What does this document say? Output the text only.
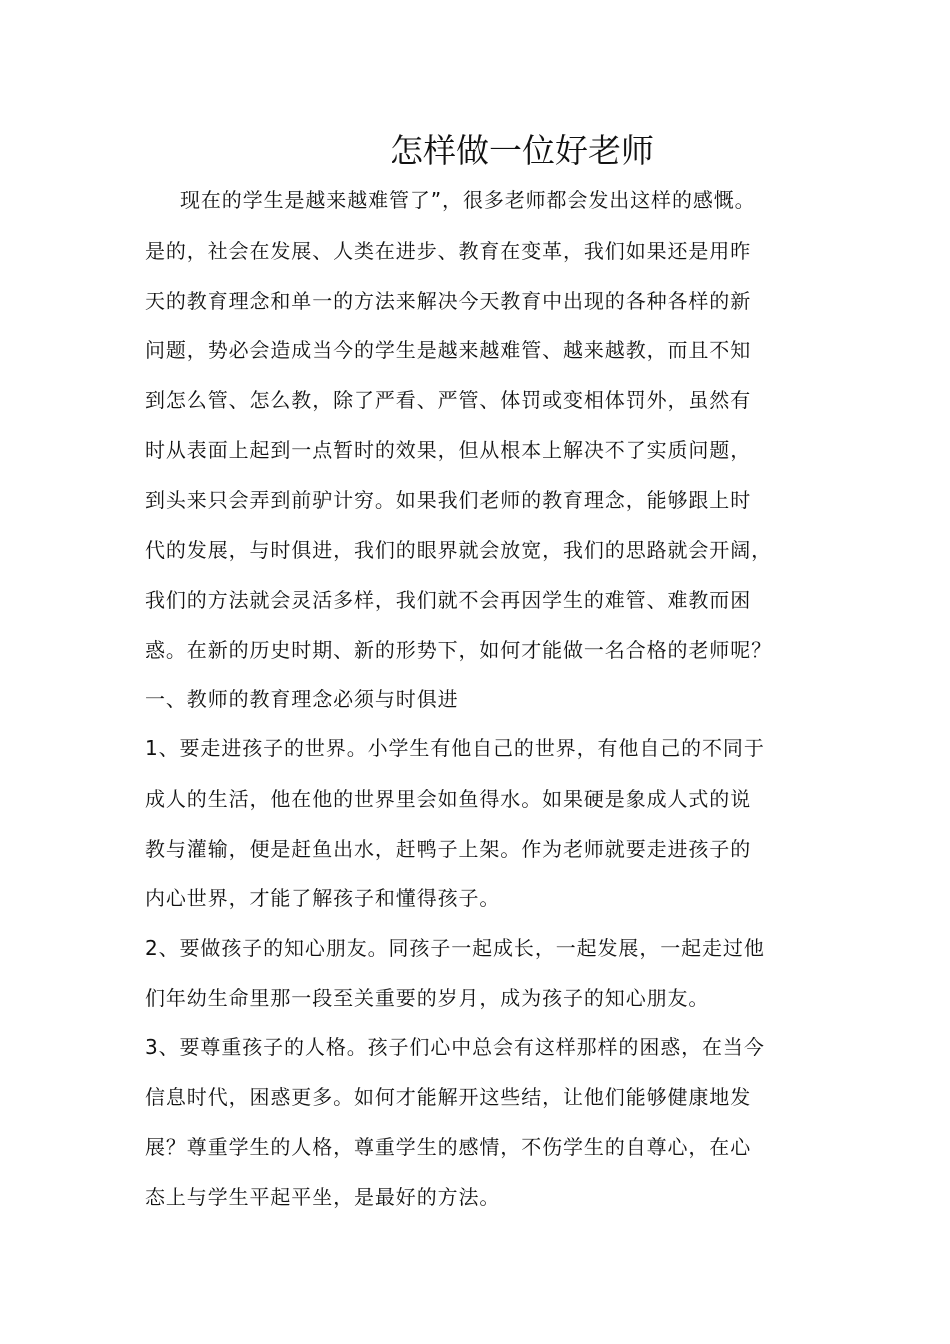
怎样做一位好老师
现在的学生是越来越难管了”，很多老师都会发出这样的感慨。
是的，社会在发展、人类在进步、教育在变革，我们如果还是用昨
天的教育理念和单一的方法来解决今天教育中出现的各种各样的新
问题，势必会造成当今的学生是越来越难管、越来越教，而且不知
到怎么管、怎么教，除了严看、严管、体罚或变相体罚外，虽然有
时从表面上起到一点暂时的效果，但从根本上解决不了实质问题，
到头来只会弄到前驴计穷。如果我们老师的教育理念，能够跟上时
代的发展，与时俱进，我们的眼界就会放宽，我们的思路就会开阔，
我们的方法就会灵活多样，我们就不会再因学生的难管、难教而困
惑。在新的历史时期、新的形势下，如何才能做一名合格的老师呢？
一、教师的教育理念必须与时俱进
1、要走进孩子的世界。小学生有他自己的世界，有他自己的不同于
成人的生活，他在他的世界里会如鱼得水。如果硬是象成人式的说
教与灌输，便是赶鱼出水，赶鸭子上架。作为老师就要走进孩子的
内心世界，才能了解孩子和懂得孩子。
2、要做孩子的知心朋友。同孩子一起成长，一起发展，一起走过他
们年幼生命里那一段至关重要的岁月，成为孩子的知心朋友。
3、要尊重孩子的人格。孩子们心中总会有这样那样的困惑，在当今
信息时代，困惑更多。如何才能解开这些结，让他们能够健康地发
展？尊重学生的人格，尊重学生的感情，不伤学生的自尊心，在心
态上与学生平起平坐，是最好的方法。
